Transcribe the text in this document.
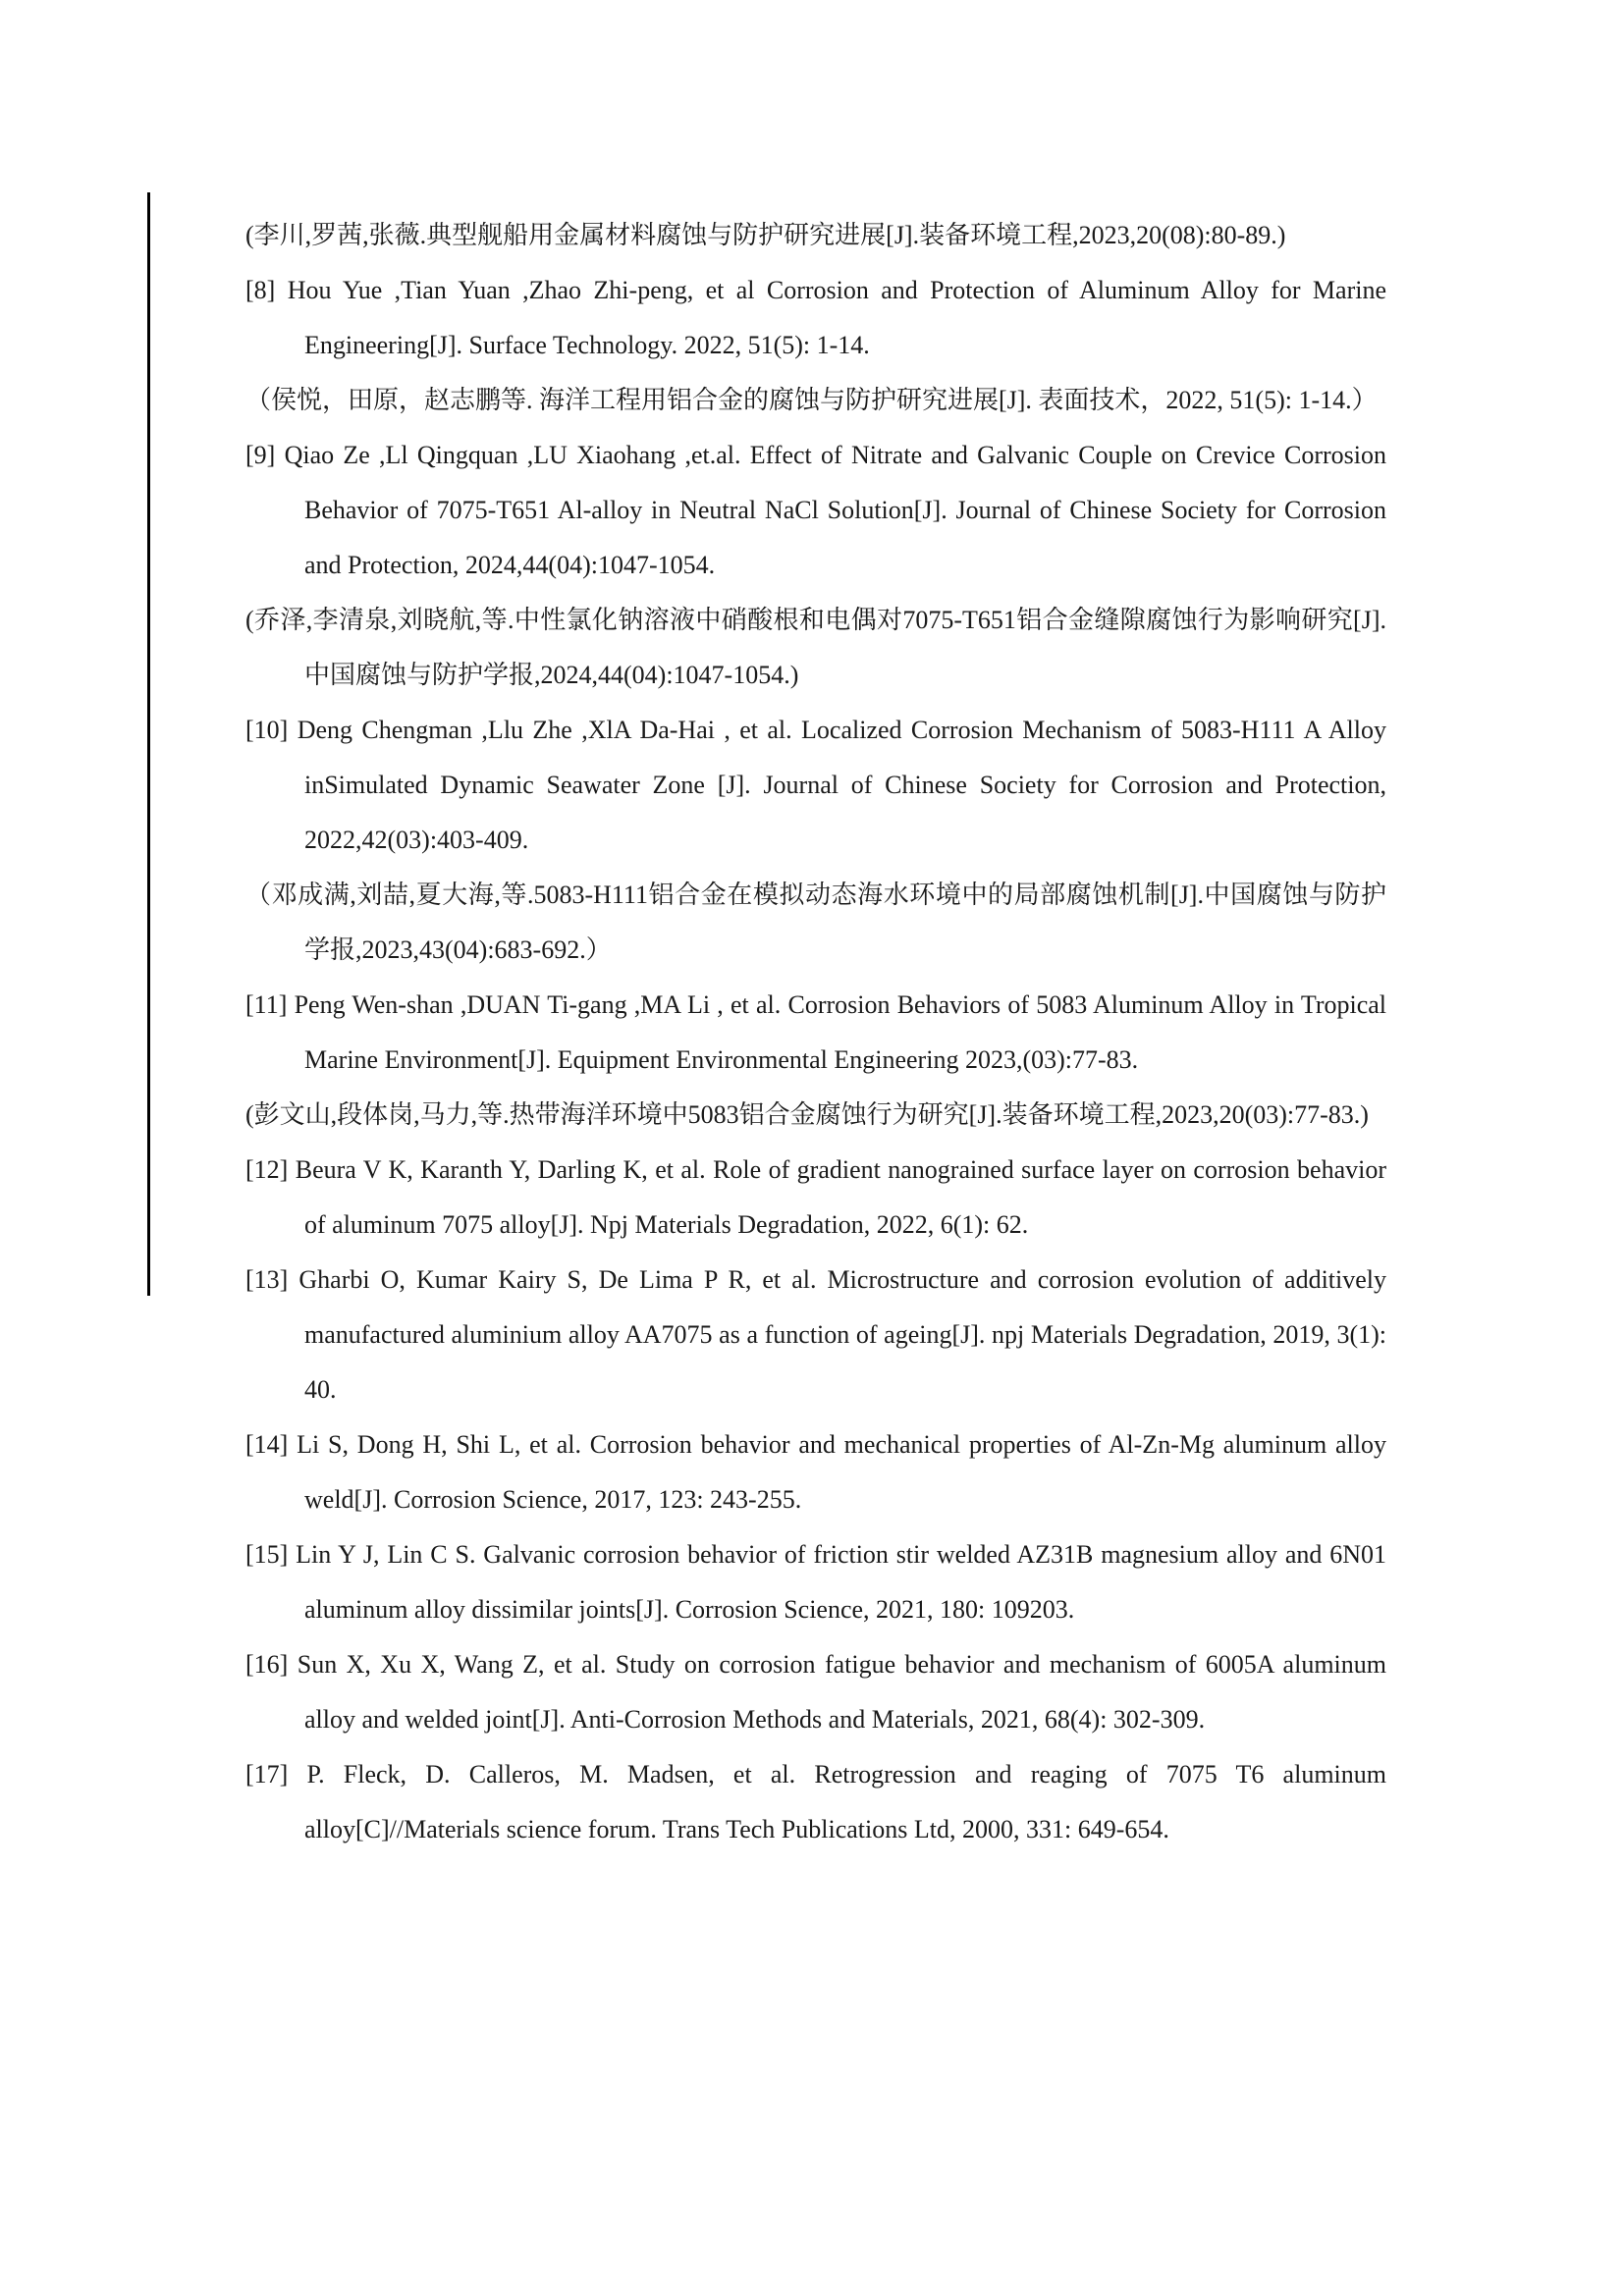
(李川,罗茜,张薇.典型舰船用金属材料腐蚀与防护研究进展[J].装备环境工程,2023,20(08):80-89.)

[8] Hou Yue ,Tian Yuan ,Zhao Zhi-peng, et al Corrosion and Protection of Aluminum Alloy for Marine Engineering[J]. Surface Technology. 2022, 51(5): 1-14.

（侯悦，田原，赵志鹏等. 海洋工程用铝合金的腐蚀与防护研究进展[J]. 表面技术，2022, 51(5): 1-14.）

[9] Qiao Ze ,Ll Qingquan ,LU Xiaohang ,et.al. Effect of Nitrate and Galvanic Couple on Crevice Corrosion Behavior of 7075-T651 Al-alloy in Neutral NaCl Solution[J]. Journal of Chinese Society for Corrosion and Protection, 2024,44(04):1047-1054.

(乔泽,李清泉,刘晓航,等.中性氯化钠溶液中硝酸根和电偶对7075-T651铝合金缝隙腐蚀行为影响研究[J].中国腐蚀与防护学报,2024,44(04):1047-1054.)

[10] Deng Chengman ,Llu Zhe ,XlA Da-Hai , et al. Localized Corrosion Mechanism of 5083-H111 A Alloy inSimulated Dynamic Seawater Zone [J]. Journal of Chinese Society for Corrosion and Protection, 2022,42(03):403-409.

（邓成满,刘喆,夏大海,等.5083-H111铝合金在模拟动态海水环境中的局部腐蚀机制[J].中国腐蚀与防护学报,2023,43(04):683-692.）

[11] Peng Wen-shan ,DUAN Ti-gang ,MA Li , et al. Corrosion Behaviors of 5083 Aluminum Alloy in Tropical Marine Environment[J]. Equipment Environmental Engineering 2023,(03):77-83.

(彭文山,段体岗,马力,等.热带海洋环境中5083铝合金腐蚀行为研究[J].装备环境工程,2023,20(03):77-83.)

[12] Beura V K, Karanth Y, Darling K, et al. Role of gradient nanograined surface layer on corrosion behavior of aluminum 7075 alloy[J]. Npj Materials Degradation, 2022, 6(1): 62.

[13] Gharbi O, Kumar Kairy S, De Lima P R, et al. Microstructure and corrosion evolution of additively manufactured aluminium alloy AA7075 as a function of ageing[J]. npj Materials Degradation, 2019, 3(1): 40.

[14] Li S, Dong H, Shi L, et al. Corrosion behavior and mechanical properties of Al-Zn-Mg aluminum alloy weld[J]. Corrosion Science, 2017, 123: 243-255.

[15] Lin Y J, Lin C S. Galvanic corrosion behavior of friction stir welded AZ31B magnesium alloy and 6N01 aluminum alloy dissimilar joints[J]. Corrosion Science, 2021, 180: 109203.

[16] Sun X, Xu X, Wang Z, et al. Study on corrosion fatigue behavior and mechanism of 6005A aluminum alloy and welded joint[J]. Anti-Corrosion Methods and Materials, 2021, 68(4): 302-309.

[17] P. Fleck, D. Calleros, M. Madsen, et al. Retrogression and reaging of 7075 T6 aluminum alloy[C]//Materials science forum. Trans Tech Publications Ltd, 2000, 331: 649-654.
